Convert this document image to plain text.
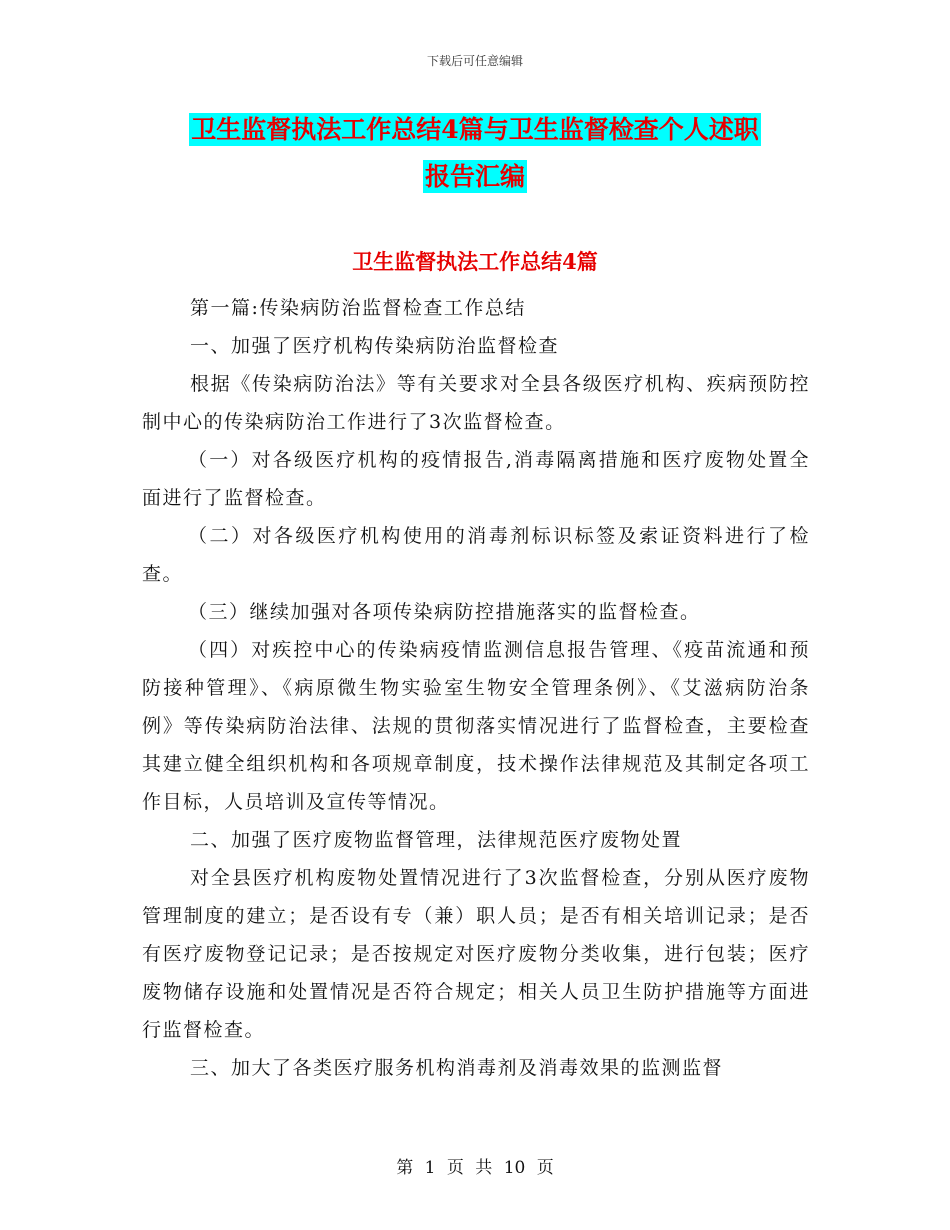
下载后可任意编辑
卫生监督执法工作总结4篇与卫生监督检查个人述职
报告汇编
卫生监督执法工作总结4篇

第一篇:传染病防治监督检查工作总结

一、加强了医疗机构传染病防治监督检查

根据《传染病防治法》等有关要求对全县各级医疗机构、疾病预防控制中心的传染病防治工作进行了3次监督检查。

（一）对各级医疗机构的疫情报告,消毒隔离措施和医疗废物处置全面进行了监督检查。

（二）对各级医疗机构使用的消毒剂标识标签及索证资料进行了检查。

（三）继续加强对各项传染病防控措施落实的监督检查。

（四）对疾控中心的传染病疫情监测信息报告管理、《疫苗流通和预防接种管理》、《病原微生物实验室生物安全管理条例》、《艾滋病防治条例》等传染病防治法律、法规的贯彻落实情况进行了监督检查，主要检查其建立健全组织机构和各项规章制度，技术操作法律规范及其制定各项工作目标，人员培训及宣传等情况。

二、加强了医疗废物监督管理，法律规范医疗废物处置

对全县医疗机构废物处置情况进行了3次监督检查，分别从医疗废物管理制度的建立；是否设有专（兼）职人员；是否有相关培训记录；是否有医疗废物登记记录；是否按规定对医疗废物分类收集，进行包装；医疗废物储存设施和处置情况是否符合规定；相关人员卫生防护措施等方面进行监督检查。

三、加大了各类医疗服务机构消毒剂及消毒效果的监测监督

第 1 页 共 10 页
